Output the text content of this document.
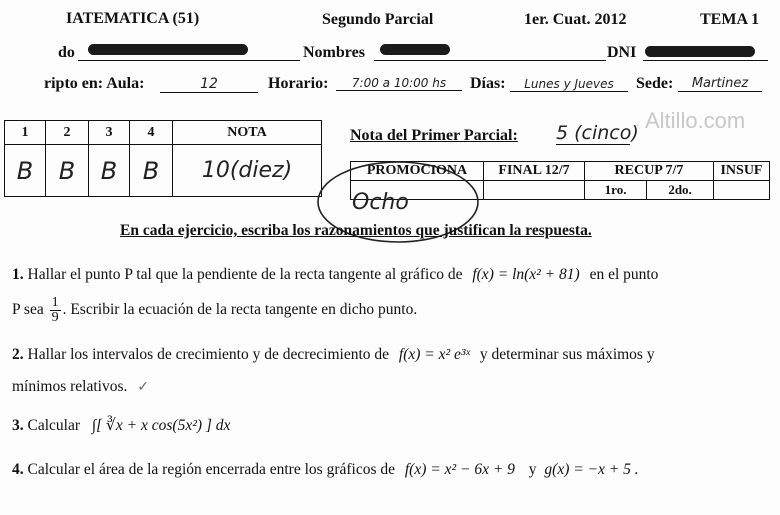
IATEMATICA (51)	Segundo Parcial	1er. Cuat. 2012	TEMA 1
do	Nombres	DNI
ripto en: Aula:	12	Horario:	7:00 a 10:00 hs	Días:	Lunes y Jueves	Sede:	Martinez
1	2	3	4	NOTA
B	B	B	B	10(diez)
Nota del Primer Parcial: 5 (cinco) Altillo.com
PROMOCIONA	FINAL 12/7	RECUP 7/7		INSUF
		1ro.	2do.	
Ocho
En cada ejercicio, escriba los razonamientos que justifican la respuesta.
1. Hallar el punto P tal que la pendiente de la recta tangente al gráfico de f(x) = ln(x² + 81) en el punto
P sea $\frac{1}{9}$ . Escribir la ecuación de la recta tangente en dicho punto.
2. Hallar los intervalos de crecimiento y de decrecimiento de f(x) = x² e³ˣ y determinar sus máximos y
mínimos relativos. ✓
3. Calcular ∫[ ∛x + x cos(5x²) ] dx
4. Calcular el área de la región encerrada entre los gráficos de f(x) = x² − 6x + 9 y g(x) = −x + 5 .
